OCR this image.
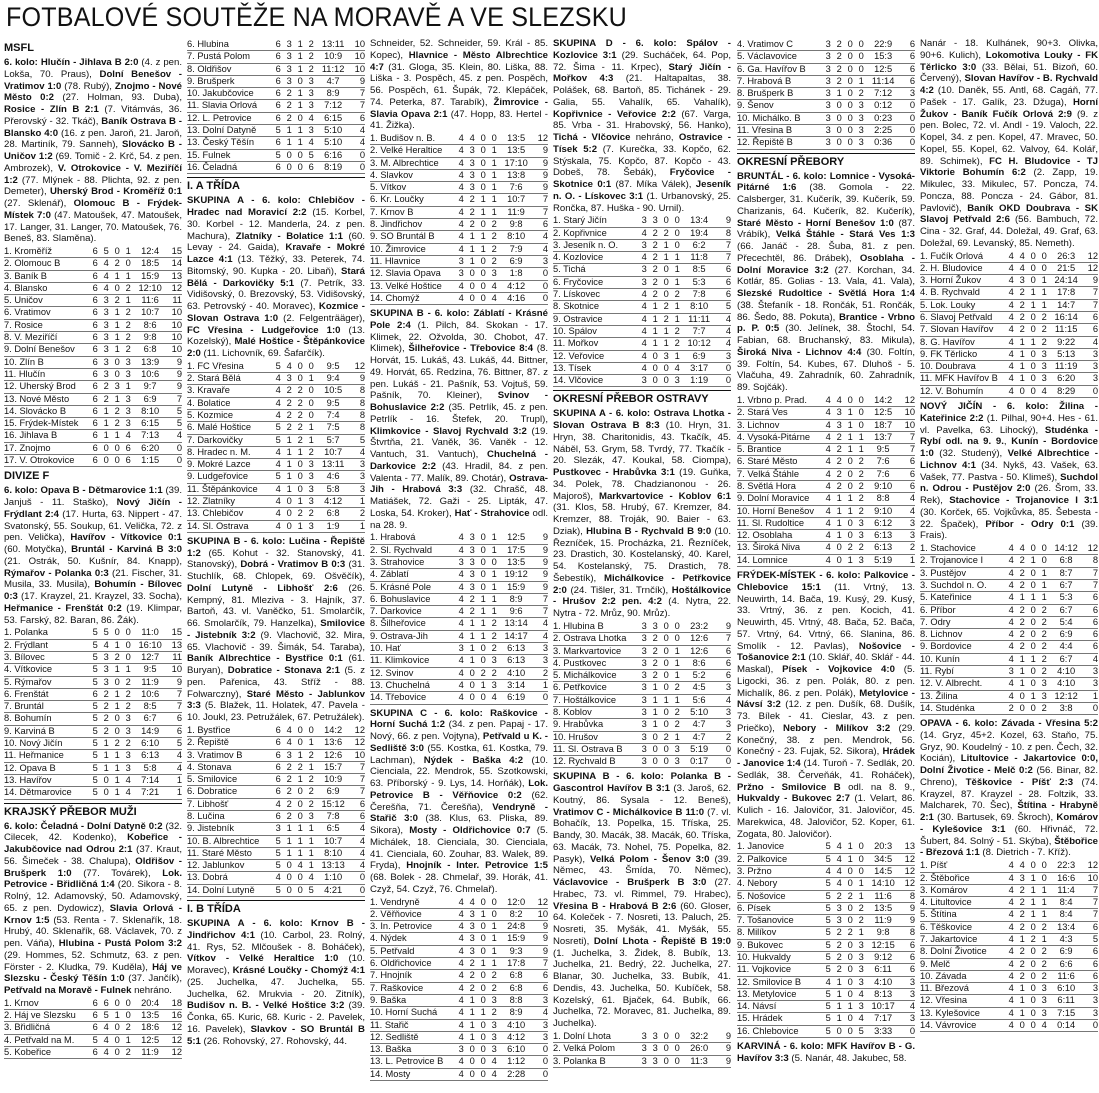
FOTBALOVÉ SOUTĚŽE NA MORAVĚ A VE SLEZSKU
MSFL
6. kolo: Hlučín - Jihlava B 2:0 (4. z pen. Lokša, 70. Praus), Dolní Benešov - Vratimov 1:0 (78. Rubý), Znojmo - Nové Město 0:2 (27. Holman, 93. Duba), Rosice - Zlín B 2:1 (7. Vitámvás, 36. Přerovský - 32. Tkáč), Baník Ostrava B - Blansko 4:0 (16. z pen. Jaroň, 21. Jaroň, 28. Martiník, 79. Sanneh), Slovácko B - Uničov 1:2 (69. Tomič - 2. Krč, 54. z pen. Ambrozek), V. Otrokovice - V. Meziříčí 1:2 (77. Mlýnek - 88. Plichta, 92. z pen. Demeter), Uherský Brod - Kroměříž 0:1 (27. Sklenář), Olomouc B - Frýdek-Místek 7:0 (47. Matoušek, 47. Matoušek, 17. Langer, 31. Langer, 70. Matoušek, 76. Beneš, 83. Slaměna).
1. Kroměříž	6	5	0	1	12:4	15
2. Olomouc B	6	4	2	0	18:5	14
3. Baník B	6	4	1	1	15:9	13
4. Blansko	6	4	0	2	12:10	12
5. Uničov	6	3	2	1	11:6	11
6. Vratimov	6	3	1	2	10:7	10
7. Rosice	6	3	1	2	8:6	10
8. V. Meziříčí	6	3	1	2	9:8	10
9. Dolní Benešov	6	3	1	2	6:8	10
10. Zlín B	6	3	0	3	13:9	9
11. Hlučín	6	3	0	3	10:6	9
12. Uherský Brod	6	2	3	1	9:7	9
13. Nové Město	6	2	1	3	6:9	7
14. Slovácko B	6	1	2	3	8:10	5
15. Frýdek-Místek	6	1	2	3	6:15	5
16. Jihlava B	6	1	1	4	7:13	4
17. Znojmo	6	0	0	6	6:20	0
17. V. Otrokovice	6	0	0	6	1:15	0
DIVIZE F
6. kolo: Opava B - Dětmarovice 1:1 (39. Janjuš - 11. Staško), Nový Jičín - Frýdlant 2:4 (17. Hurta, 63. Nippert - 47. Svatonský, 55. Soukup, 61. Velička, 72. z pen. Velička), Havířov - Vítkovice 0:1 (60. Motyčka), Bruntál - Karviná B 3:0 (21. Ostrák, 50. Kušnír, 84. Knapp), Rýmařov - Polanka 0:3 (21. Fischer, 31. Musila, 33. Musila), Bohumín - Bílovec 0:3 (17. Krayzel, 21. Krayzel, 33. Socha), Heřmanice - Frenštát 0:2 (19. Klimpar, 53. Farský, 82. Baran, 86. Žák).
1. Polanka	5	5	0	0	11:0	15
2. Frýdlant	5	4	1	0	16:10	13
3. Bílovec	5	3	2	0	12:7	11
4. Vítkovice	5	3	1	1	9:5	10
5. Rýmařov	5	3	0	2	11:9	9
6. Frenštát	6	2	1	2	10:6	7
7. Bruntál	5	2	1	2	8:5	7
8. Bohumín	5	2	0	3	6:7	6
9. Karviná B	5	2	0	3	14:9	6
10. Nový Jičín	5	1	2	2	6:10	5
11. Heřmanice	5	1	1	3	6:13	4
12. Opava B	5	1	1	3	5:8	4
13. Havířov	5	0	1	4	7:14	1
14. Dětmarovice	5	0	1	4	7:21	1
KRAJSKÝ PŘEBOR MUŽI
6. kolo: Čeladná - Dolní Datyně 0:2 (32. Cilecek, 42. Kodenko), Kobeřice - Jakubčovice nad Odrou 2:1 (37. Kraut, 56. Šimeček - 38. Chalupa), Oldřišov - Brušperk 1:0 (77. Továrek), Lok. Petrovice - Břidličná 1:4 (20. Sikora - 8. Rolný, 12. Adamovský, 50. Adamovský, 65. z pen. Dydowicz), Slavia Orlová - Krnov 1:5 (53. Renta - 7. Sklenařík, 18. Hrubý, 40. Sklenařík, 68. Václavek, 70. z pen. Váňa), Hlubina - Pustá Polom 3:2 (29. Hommes, 52. Schmutz, 63. z pen. Förster - 2. Kludka, 79. Kuděla), Háj ve Slezsku - Český Těšín 1:0 (37. Jančík), Petřvald na Moravě - Fulnek nehráno.
1. Krnov	6	6	0	0	20:4	18
2. Háj ve Slezsku	6	5	1	0	13:5	16
3. Břidličná	6	4	0	2	18:6	12
4. Petřvald na M.	5	4	0	1	12:5	12
5. Kobeřice	6	4	0	2	11:9	12
6. Hlubina	6	3	1	2	13:11	10
7. Pustá Polom	6	3	1	2	10:9	10
8. Oldřišov	6	3	1	2	11:12	10
9. Brušperk	6	3	0	3	4:7	9
10. Jakubčovice	6	2	1	3	8:9	7
11. Slavia Orlová	6	2	1	3	7:12	7
12. L. Petrovice	6	2	0	4	6:15	6
13. Dolní Datyně	5	1	1	3	5:10	4
13. Český Těšín	6	1	1	4	5:10	4
15. Fulnek	5	0	0	5	6:16	0
16. Čeladná	6	0	0	6	8:19	0
I. A TŘÍDA
SKUPINA A - 6. kolo: Chlebičov - Hradec nad Moravicí 2:2 (15. Korbel, 30. Korbel - 12. Manderla, 24. z pen. Machura), Zlatníky - Bolatice 1:1 (60. Levay - 24. Gaida), Kravaře - Mokré Lazce 4:1 (13. Těžký, 33. Peterek, 74. Bitomský, 90. Kupka - 20. Libaň), Stará Bělá - Darkovičky 5:1 (7. Petrík, 33. Vidišovský, 0. Brezovský, 53. Vidišovský, 63. Petrovský - 40. Moravec), Kozmice - Slovan Ostrava 1:0 (2. Felgenträäger), FC Vřesina - Ludgeřovice 1:0 (13. Kozelský), Malé Hoštice - Štěpánkovice 2:0 (11. Lichovník, 69. Šafarčík).
1. FC Vřesina	5	4	0	0	9:5	12
2. Stará Bělá	4	3	0	1	9:4	9
3. Kravaře	4	2	2	0	10:5	8
4. Bolatice	4	2	2	0	9:5	8
5. Kozmice	4	2	2	0	7:4	8
6. Malé Hoštice	5	2	2	1	7:5	8
7. Darkovičky	5	1	2	1	5:7	5
8. Hradec n. M.	4	1	1	2	10:7	4
9. Mokré Lazce	4	1	0	3	13:11	3
9. Ludgeřovice	5	1	0	3	4:6	3
11. Štěpánkovice	4	1	0	3	5:8	3
12. Zlatníky	4	0	1	3	4:12	1
13. Chlebičov	4	0	2	2	6:8	2
14. Sl. Ostrava	4	0	1	3	1:9	1
SKUPINA B - 6. kolo: Lučina - Řepiště 1:2 (65. Kohut - 32. Stanovský, 41. Stanovský), Dobrá - Vratimov B 0:3 (31. Stuchlík, 68. Chlopek, 69. Ošvěčík), Dolní Lutyně - Libhošť 2:6 (26. Kempný, 81. Mleziva - 3. Hajník, 37. Bartoň, 43. vl. Vaněčko, 51. Smolarčík, 66. Smolarčík, 79. Hanzelka), Smilovice - Jistebník 3:2 (9. Vlachovič, 32. Mira, 65. Vlachovič - 39. Šimák, 54. Taraba), Baník Albrechtice - Bystřice 0:1 (61. Buryan), Dobratice - Stonava 2:1 (5. z pen. Pařenica, 43. Stříž - 88. Folwarczny), Staré Město - Jablunkov 3:3 (5. Blažek, 11. Holatek, 47. Pavela - 10. Joukl, 23. Petružálek, 67. Petružálek).
1. Bystřice	6	4	0	0	14:2	12
2. Řepiště	6	4	0	1	13:6	12
3. Vratimov B	6	3	1	2	12:6	10
4. Stonava	6	2	2	1	15:7	7
5. Smilovice	6	2	1	2	10:9	7
6. Dobratice	6	2	0	2	6:9	7
7. Libhošť	4	2	0	2	15:12	6
8. Lučina	6	2	0	3	7:8	6
9. Jistebník	3	1	1	1	6:5	4
10. B. Albrechtice	5	1	1	1	10:7	4
11. Staré Město	5	1	1	1	8:10	4
12. Jablunkov	5	0	4	1	13:13	4
13. Dobrá	4	0	0	4	1:10	0
14. Dolní Lutyně	5	0	0	5	4:21	0
I. B TŘÍDA
SKUPINA A - 6. kolo: Krnov B - Jindřichov 4:1 (10. Carbol, 23. Rolný, 41. Rys, 52. Mlčoušek - 8. Boháček), Vítkov - Velké Heraltice 1:0 (10. Moravec), Krásné Loučky - Chomýž 4:1 (25. Juchelka, 47. Juchelka, 55. Juchelka, 62. Mrukvia - 20. Zitník), Budišov n. B. - Velké Hoštice 3:2 (39. Čonka, 65. Kuric, 68. Kuric - 2. Pavelek, 16. Pavelek), Slavkov - SO Bruntál B 5:1 (26. Rohovský, 27. Rohovský, 44.
Schneider, 52. Schneider, 59. Král - 85. Kopec), Hlavnice - Město Albrechtice 4:7 (31. Gloga, 35. Klein, 80. Liška, 88. Liška - 3. Pospěch, 45. z pen. Pospěch, 56. Pospěch, 61. Šupák, 72. Klepáček, 74. Peterka, 87. Tarabík), Žimrovice - Slavia Opava 2:1 (47. Hopp, 83. Hertel - 41. Žižka).
1. Budišov n. B.	4	4	0	0	13:5	12
2. Velké Heraltice	4	3	0	1	13:5	9
3. M. Albrechtice	4	3	0	1	17:10	9
4. Slavkov	4	3	0	1	13:8	9
5. Vítkov	4	3	0	1	7:6	9
6. Kr. Loučky	4	2	1	1	10:7	7
7. Krnov B	4	2	1	1	11:9	7
8. Jindřichov	4	2	0	2	9:8	6
9. SO Bruntál B	4	1	1	2	8:10	4
10. Žimrovice	4	1	1	2	7:9	4
11. Hlavnice	3	1	0	2	6:9	3
12. Slavia Opava	3	0	0	3	1:8	0
13. Velké Hoštice	4	0	0	4	4:12	0
14. Chomýž	4	0	0	4	4:16	0
SKUPINA B - 6. kolo: Záblatí - Krásné Pole 2:4 (1. Pilch, 84. Skokan - 17. Klimek, 22. Ožvolda, 30. Chobot, 47. Klimek), Šilheřovice - Třebovice 8:4 (8. Horvát, 15. Lukáš, 43. Lukáš, 44. Bittner, 49. Horvát, 65. Redzina, 76. Bittner, 87. z pen. Lukáš - 21. Pašník, 53. Vojtuš, 59. Pašník, 70. Kleiner), Svinov - Bohuslavice 2:2 (35. Petrlík, 45. z pen. Petrlík - 16. Štefek, 20. Trupl), Klimkovice - Slavoj Rychvald 3:2 (19. Štvrtňa, 21. Vaněk, 36. Vaněk - 12. Vantuch, 31. Vantuch), Chuchelná - Darkovice 2:2 (43. Hradil, 84. z pen. Valenta - 77. Malík, 89. Chotár), Ostrava-Jih - Hrabová 3:3 (32. Chrašč, 48. Matiášek, 72. Gaži - 25. Lipták, 47. Loska, 54. Kroker), Hať - Strahovice odl. na 28. 9.
1. Hrabová	4	3	0	1	12:5	9
2. Sl. Rychvald	4	3	0	1	17:5	9
3. Strahovice	3	3	0	0	13:5	9
4. Záblatí	4	3	0	1	19:12	9
5. Krásné Pole	4	3	0	1	15:9	9
6. Bohuslavice	4	2	1	1	8:9	7
7. Darkovice	4	2	1	1	9:6	7
8. Šilheřovice	4	1	1	2	13:14	4
9. Ostrava-Jih	4	1	1	2	14:17	4
10. Hať	3	1	0	2	6:13	3
11. Klimkovice	4	1	0	3	6:13	3
12. Svinov	4	0	2	2	4:10	2
13. Chuchelná	4	0	1	3	3:14	1
14. Třebovice	4	0	0	4	6:19	0
SKUPINA C - 6. kolo: Raškovice - Horní Suchá 1:2 (34. z pen. Papaj - 17. Nový, 66. z pen. Vojtyna), Petřvald u K. - Sedliště 3:0 (55. Kostka, 61. Kostka, 79. Lachman), Nýdek - Baška 4:2 (10. Cienciala, 22. Mendrok, 55. Szotkowski, 63. Příborský - 9. Lys, 14. Horňák), Lok. Petrovice B - Věřňovice 0:2 (62. Čerešňa, 71. Čerešňa), Vendryně - Stařič 3:0 (38. Klus, 63. Pliska, 89. Sikora), Mosty - Oldřichovice 0:7 (5. Michálek, 18. Cienciala, 30. Cienciala, 41. Cienciala, 60. Zouhar, 83. Walek, 89. Fryda), Hnojník - Inter. Petrovice 1:5 (68. Bolek - 28. Chmelař, 39. Horák, 41. Czyž, 54. Czyž, 76. Chmelař).
1. Vendryně	4	4	0	0	12:0	12
2. Věřňovice	4	3	1	0	8:2	10
3. In. Petrovice	4	3	0	1	24:8	9
4. Nýdek	4	3	0	1	15:9	9
5. Petřvald	4	3	0	1	9:3	9
6. Oldřichovice	4	2	1	1	17:8	7
7. Hnojník	4	2	0	2	6:8	6
7. Raškovice	4	2	0	2	6:8	6
9. Baška	4	1	0	3	8:8	3
10. Horní Suchá	4	1	1	2	8:9	4
11. Stařič	4	1	0	3	4:10	3
12. Sedliště	4	1	0	3	4:12	3
13. Baška	3	0	0	3	6:10	0
13. L. Petrovice B	4	0	0	4	1:12	0
14. Mosty	4	0	0	4	2:28	0
SKUPINA D - 6. kolo: Spálov - Kozlovice 3:1 (29. Sucháček, 64. Pop, 72. Šima - 11. Krpec), Starý Jičín - Mořkov 4:3 (21. Haltapaltas, 38. Polášek, 68. Bartoň, 85. Tichánek - 29. Galia, 55. Vahalík, 65. Vahalík), Kopřivnice - Veřovice 2:2 (67. Varga, 85. Vrba - 31. Hrabovský, 56. Hanko), Tichá - Vlčovice nehráno, Ostravice - Tísek 5:2 (7. Kurečka, 33. Kopčo, 62. Stýskala, 75. Kopčo, 87. Kopčo - 43. Dobeš, 78. Šebák), Fryčovice - Skotnice 0:1 (87. Míka Válek), Jeseník n. O. - Lískovec 3:1 (1. Urbanovský, 25. Rončka, 87. Huška - 90. Urnil).
1. Starý Jičín	3	3	0	0	13:4	9
2. Kopřivnice	4	2	2	0	19:4	8
3. Jeseník n. O.	3	2	1	0	6:2	7
4. Kozlovice	4	2	1	1	11:8	7
5. Tichá	3	2	0	1	8:5	6
6. Fryčovice	3	2	0	1	5:3	6
7. Lískovec	4	2	0	2	7:8	6
8. Skotnice	4	1	2	1	8:10	5
9. Ostravice	4	1	2	1	11:11	4
10. Spálov	4	1	1	2	7:7	4
11. Mořkov	4	1	1	2	10:12	4
12. Veřovice	4	0	3	1	6:9	3
13. Tísek	4	0	0	4	3:17	0
14. Vlčovice	3	0	0	3	1:19	0
OKRESNÍ PŘEBOR OSTRAVY
SKUPINA A - 6. kolo: Ostrava Lhotka - Slovan Ostrava B 8:3 (10. Hryn, 31. Hryn, 38. Charitonidis, 43. Tkačík, 45. Náběl, 53. Grym, 58. Tvrdý, 77. Tkačík - 20. Slezák, 47. Koukal, 58. Ciompa), Pustkovec - Hrabůvka 3:1 (19. Guňka, 34. Polek, 78. Chadzianonou - 26. Majoroš), Markvartovice - Koblov 6:1 (31. Klos, 58. Hrubý, 67. Kremzer, 84. Kremzer, 88. Troják, 90. Baier - 63. Dziak), Hlubina B - Rychvald B 9:0 (10. Řezníček, 15. Procházka, 21. Řezníček, 23. Drastich, 30. Kostelanský, 40. Karel, 54. Kostelanský, 75. Drastich, 78. Šebestík), Michálkovice - Petřkovice 2:0 (24. Tišler, 31. Trnčík), Hoštálkovice - Hrušov 2:2 pen. 4:2 (4. Nytra, 22. Nytra - 72. Mrůz, 90. Mrůz).
1. Hlubina B	3	3	0	0	23:2	9
2. Ostrava Lhotka	3	2	0	0	12:6	7
3. Markvartovice	3	2	0	1	12:6	6
4. Pustkovec	3	2	0	1	8:6	6
5. Michálkovice	3	2	0	1	5:2	6
6. Petřkovice	3	1	0	2	4:5	3
7. Hoštálkovice	3	1	1	1	5:6	4
8. Koblov	3	1	0	2	5:10	3
9. Hrabůvka	3	1	0	2	4:7	3
10. Hrušov	3	0	2	1	4:7	2
11. Sl. Ostrava B	3	0	0	3	5:19	0
12. Rychvald B	3	0	0	3	0:17	0
SKUPINA B - 6. kolo: Polanka B - Gascontrol Havířov B 3:1 (3. Jaroš, 62. Koutný, 86. Sysala - 12. Beneš), Vratimov C - Michálkovice B 11:0 (7. vl. Bohačík, 13. Popelka, 15. Tříska, 25. Bandy, 30. Macák, 38. Macák, 60. Tříska, 63. Macák, 73. Nohel, 75. Popelka, 82. Pasyk), Velká Polom - Šenov 3:0 (39. Němec, 43. Šmída, 70. Němec), Václavovice - Brušperk B 3:0 (27. Hrabec, 73. vl. Rimmel, 79. Hrabec), Vřesina B - Hrabová B 2:6 (60. Gloser, 64. Koleček - 7. Nosreti, 13. Paluch, 25. Nosreti, 35. Myšák, 41. Myšák, 55. Nosreti), Dolní Lhota - Řepiště B 19:0 (1. Juchelka, 3. Židek, 8. Bubík, 13. Juchelka, 21. Bedrý, 22. Juchelka, 27. Blanar, 30. Juchelka, 33. Bubík, 41. Dendis, 43. Juchelka, 50. Kubíček, 58. Kozelský, 61. Bjaček, 64. Bubík, 66. Juchelka, 72. Moravec, 81. Juchelka, 89. Juchelka).
1. Dolní Lhota	3	3	0	0	32:2	9
2. Velká Polom	3	3	0	0	26:0	9
3. Polanka B	3	3	0	0	11:3	9
4. Vratimov C	3	2	0	0	22:9	6
5. Václavovice	3	2	0	0	15:3	6
6. Ga. Havířov B	3	2	0	0	12:5	6
7. Hrabová B	3	2	0	1	11:14	6
8. Brušperk B	3	1	0	2	7:12	3
9. Šenov	3	0	0	3	0:12	0
10. Michálko. B	3	0	0	3	0:23	0
11. Vřesina B	3	0	0	3	2:25	0
12. Řepiště B	3	0	0	3	0:36	0
OKRESNÍ PŘEBORY
BRUNTÁL - 6. kolo: Lomnice - Vysoká-Pitárné 1:6 (38. Gomola - 22. Calsberger, 31. Kučerík, 39. Kučerík, 59. Charizanis, 64. Kučerík, 82. Kučerík), Staré Město - Horní Benešov 1:0 (87. Vrábík), Velká Štáhle - Stará Ves 1:3 (66. Janáč - 28. Šuba, 81. z pen. Přecechtěl, 86. Drábek), Osoblaha - Dolní Moravice 3:2 (27. Korchan, 34. Kotlár, 85. Golias - 13. Vala, 41. Vala), Slezské Rudoltice - Světlá Hora 1:4 (38. Štefaník - 18. Rončák, 51. Rončák, 86. Šedo, 88. Pokuta), Brantice - Vrbno p. P. 0:5 (30. Jelínek, 38. Štochl, 54. Fabian, 68. Bruchanský, 83. Mikula), Široká Niva - Lichnov 4:4 (30. Foltín, 39. Foltín, 54. Kubes, 67. Dluhoš - 5. Vlačuha, 49. Zahradník, 60. Zahradník, 89. Sojčák).
1. Vrbno p. Prad.	4	4	0	0	14:2	12
2. Stará Ves	4	3	1	0	12:5	10
3. Lichnov	4	3	1	0	18:7	10
4. Vysoká-Pitárne	4	2	1	1	13:7	7
5. Brantice	4	2	1	1	9:5	7
6. Staré Město	4	2	0	2	7:6	6
7. Velká Štáhle	4	2	0	2	7:6	6
8. Světlá Hora	4	2	0	2	9:10	6
9. Dolní Moravice	4	1	1	2	8:8	4
10. Horní Benešov	4	1	1	2	9:10	4
11. Sl. Rudoltice	4	1	0	3	6:12	3
12. Osoblaha	4	1	0	3	6:13	3
13. Široká Niva	4	0	2	2	6:13	2
14. Lomnice	4	0	1	3	5:19	1
FRÝDEK-MÍSTEK - 6. kolo: Palkovice - Chlebovice 15:1 (11. Vrtný, 13. Neuwirth, 14. Bača, 19. Kusý, 29. Kusý, 33. Vrtný, 36. z pen. Kocich, 41. Neuwirth, 45. Vrtný, 48. Bača, 52. Bača, 57. Vrtný, 64. Vrtný, 66. Slanina, 86. Smolík - 12. Pavlas), Nošovice - Tošanovice 2:1 (10. Sklář, 40. Sklář - 44. Maskal), Písek - Vojkovice 4:0 (5. Ligocki, 36. z pen. Polák, 80. z pen. Michalík, 86. z pen. Polák), Metylovice - Návsí 3:2 (12. z pen. Dušík, 68. Dušík, 73. Bílek - 41. Cieslar, 43. z pen. Priečko), Nebory - Milíkov 3:2 (29. Konečný, 38. z pen. Mendrok, 56. Konečný - 23. Fujak, 52. Sikora), Hrádek - Janovice 1:4 (14. Turoň - 7. Sedlák, 20. Sedlák, 38. Červeňák, 41. Roháček), Pržno - Smilovice B odl. na 8. 9., Hukvaldy - Bukovec 2:7 (1. Velart, 86. Kulich - 16. Jalovičor, 31. Jalovičor, 45. Marekwica, 48. Jalovičor, 52. Koper, 61. Zogata, 80. Jalovičor).
1. Janovice	5	4	1	0	20:3	13
2. Palkovice	5	4	1	0	34:5	12
3. Pržno	4	4	0	0	14:5	12
4. Nebory	5	4	0	1	14:10	12
5. Nošovice	5	2	2	1	11:6	8
6. Písek	5	3	0	2	13:5	9
7. Tošanovice	5	3	0	2	11:9	9
8. Milíkov	5	2	2	1	9:8	8
9. Bukovec	5	2	0	3	12:15	6
10. Hukvaldy	5	2	0	3	9:12	6
11. Vojkovice	5	2	0	3	6:11	6
12. Smilovice B	4	1	0	3	4:10	3
13. Metylovice	5	1	0	4	8:13	3
14. Návsí	5	1	1	3	10:17	4
15. Hrádek	5	1	0	4	7:17	3
16. Chlebovice	5	0	0	5	3:33	0
KARVINÁ - 6. kolo: MFK Havířov B - G. Havířov 3:3 (5. Nanár, 48. Jakubec, 58.
Nanár - 18. Kulhánek, 90+3. Olivka, 90+6. Kulich), Lokomotiva Louky - FK Těrlicko 3:0 (33. Bělai, 51. Bizoň, 60. Červený), Slovan Havířov - B. Rychvald 4:2 (10. Daněk, 55. Antl, 68. Cagáň, 77. Pašek - 17. Galík, 23. Džuga), Horní Žukov - Baník Fučík Orlová 2:9 (9. z pen. Bolec, 72. vl. Andl - 19. Valoch, 22. Kopel, 34. z pen. Kopel, 47. Mravec, 50. Kopel, 55. Kopel, 62. Valvoy, 64. Kolář, 89. Schimek), FC H. Bludovice - TJ Viktorie Bohumín 6:2 (2. Zapp, 19. Mikulec, 33. Mikulec, 57. Poncza, 74. Poncza, 88. Poncza - 24. Gábor, 81. Pavlovič), Baník OKD Doubrava - SK Slavoj Petřvald 2:6 (56. Bambuch, 72. Cina - 32. Graf, 44. Doležal, 49. Graf, 63. Doležal, 69. Levanský, 85. Nemeth).
1. Fučík Orlová	4	4	0	0	26:3	12
2. H. Bludovice	4	4	0	0	21:5	12
3. Horní Žukov	4	3	0	1	24:14	9
4. B. Rychvald	4	2	1	1	17:8	7
5. Lok. Louky	4	2	1	1	14:7	7
6. Slavoj Petřvald	4	2	0	2	16:14	6
7. Slovan Havířov	4	2	0	2	11:15	6
8. G. Havířov	4	1	1	2	9:22	4
9. FK Těrlicko	4	1	0	3	5:13	3
10. Doubrava	4	1	0	3	11:19	3
11. MFK Havířov B	4	1	0	3	6:20	3
12. V. Bohumín	4	0	0	4	8:29	0
NOVÝ JIČÍN - 6. kolo: Žilina - Kateřinice 2:2 (1. Pilhal, 90+4. Hes - 61. vl. Pavelka, 63. Lihocký), Studénka - Rybí odl. na 9. 9., Kunín - Bordovice 1:0 (32. Studený), Velké Albrechtice - Lichnov 4:1 (34. Nykš, 43. Vašek, 63. Vašek, 77. Pastva - 50. Klimeš), Suchdol n. Odrou - Pustějov 2:0 (26. Šrom, 33. Rek), Stachovice - Trojanovice I 3:1 (30. Korček, 65. Vojkůvka, 85. Šebesta - 22. Špaček), Příbor - Odry 0:1 (39. Frais).
1. Stachovice	4	4	0	0	14:12	12
2. Trojanovice I	4	2	1	0	6:8	8
3. Pustějov	4	2	0	1	8:7	7
3. Suchdol n. O.	4	2	0	1	6:7	7
5. Kateřinice	4	1	1	1	5:3	6
6. Příbor	4	2	0	2	6:7	6
7. Odry	4	2	0	2	5:4	6
8. Lichnov	4	2	0	2	6:9	6
9. Bordovice	4	2	0	2	4:4	6
10. Kunín	4	1	1	2	6:7	4
11. Rybí	3	1	0	2	4:10	3
12. V. Albrecht.	4	1	0	3	4:10	3
13. Žilina	4	0	1	3	12:12	1
14. Studénka	2	0	0	2	3:8	0
OPAVA - 6. kolo: Závada - Vřesina 5:2 (14. Gryz, 45+2. Kozel, 63. Staňo, 75. Gryz, 90. Koudelný - 10. z pen. Čech, 32. Kocián), Litultovice - Jakartovice 0:0, Dolní Životice - Melč 0:2 (56. Binar, 82. Chreno), Těškovice - Píšť 2:3 (74. Krayzel, 87. Krayzel - 28. Foltzik, 33. Malcharek, 70. Šec), Štítina - Hrabyně 2:1 (30. Bartusek, 69. Škroch), Komárov - Kylešovice 3:1 (60. Hřivnáč, 72. Šubert, 84. Solný - 51. Skýba), Štěbořice - Březová 1:1 (8. Dietrich - 7. Kříž).
1. Píšť	4	4	0	0	22:3	12
2. Štěbořice	4	3	1	0	16:6	10
3. Komárov	4	2	1	1	11:4	7
4. Litultovice	4	2	1	1	8:4	7
5. Štítina	4	2	1	1	8:4	7
6. Těškovice	4	2	0	2	13:4	6
7. Jakartovice	4	1	2	1	4:3	5
8. Dolní Životice	4	2	0	2	6:9	6
9. Melč	4	2	0	2	6:6	6
10. Závada	4	2	0	2	11:6	6
11. Březová	4	1	0	3	6:10	3
12. Vřesina	4	1	0	3	6:11	3
13. Kylešovice	4	1	0	3	7:15	3
14. Vávrovice	4	0	0	4	0:14	0
